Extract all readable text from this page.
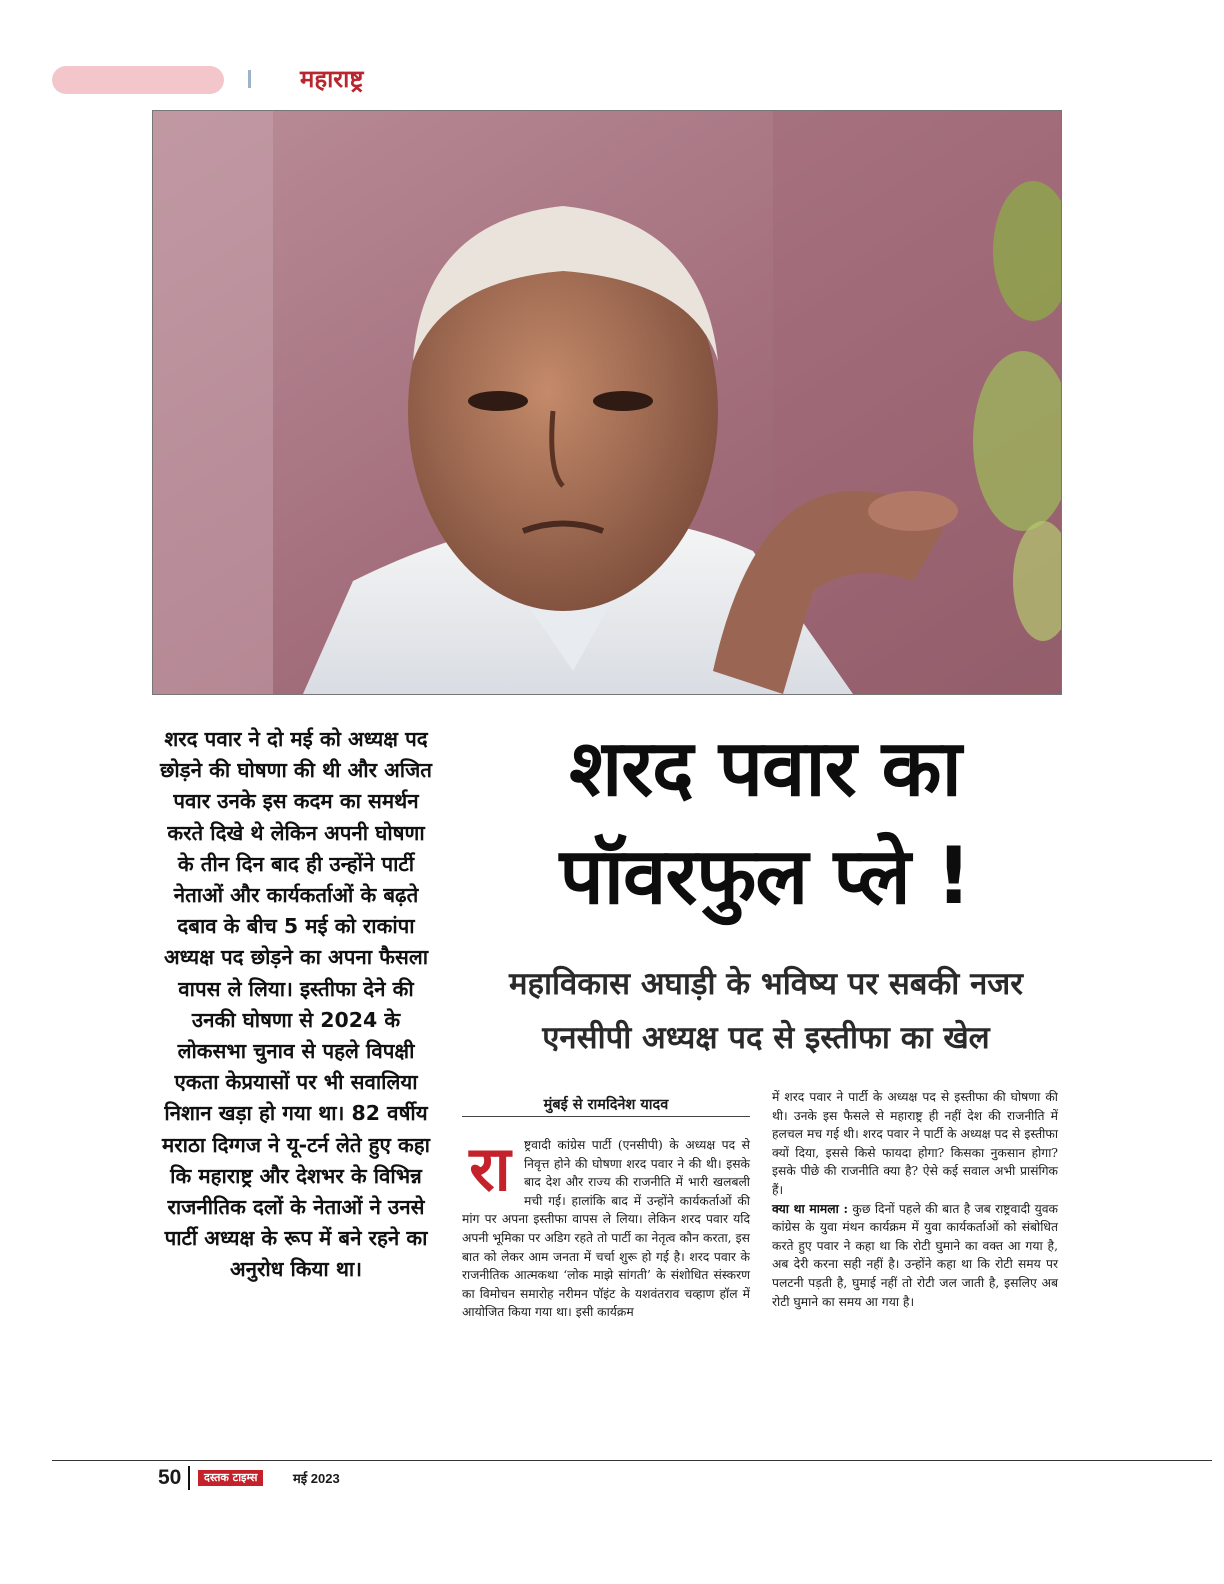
महाराष्ट्र
शरद पवार ने दो मई को अध्यक्ष पद छोड़ने की घोषणा की थी और अजित पवार उनके इस कदम का समर्थन करते दिखे थे लेकिन अपनी घोषणा के तीन दिन बाद ही उन्होंने पार्टी नेताओं और कार्यकर्ताओं के बढ़ते दबाव के बीच 5 मई को राकांपा अध्यक्ष पद छोड़ने का अपना फैसला वापस ले लिया। इस्तीफा देने की उनकी घोषणा से 2024 के लोकसभा चुनाव से पहले विपक्षी एकता केप्रयासों पर भी सवालिया निशान खड़ा हो गया था। 82 वर्षीय मराठा दिग्गज ने यू-टर्न लेते हुए कहा कि महाराष्ट्र और देशभर के विभिन्न राजनीतिक दलों के नेताओं ने उनसे पार्टी अध्यक्ष के रूप में बने रहने का अनुरोध किया था।
शरद पवार का
पॉवरफुल प्ले !
महाविकास अघाड़ी के भविष्य पर सबकी नजर
एनसीपी अध्यक्ष पद से इस्तीफा का खेल
मुंबई से रामदिनेश यादव
रा	ष्ट्रवादी कांग्रेस पार्टी (एनसीपी) के अध्यक्ष पद से निवृत्त होने की घोषणा शरद पवार ने की थी। इसके बाद देश और राज्य की राजनीति में भारी खलबली मची गई। हालांकि बाद में उन्होंने कार्यकर्ताओं की मांग पर अपना इस्तीफा वापस ले लिया। लेकिन शरद पवार यदि अपनी भूमिका पर अडिग रहते तो पार्टी का नेतृत्व कौन करता, इस बात को लेकर आम जनता में चर्चा शुरू हो गई है। शरद पवार के राजनीतिक आत्मकथा ‘लोक माझे सांगती’ के संशोधित संस्करण का विमोचन समारोह नरीमन पॉइंट के यशवंतराव चव्हाण हॉल में आयोजित किया गया था। इसी कार्यक्रम
में शरद पवार ने पार्टी के अध्यक्ष पद से इस्तीफा की घोषणा की थी। उनके इस फैसले से महाराष्ट्र ही नहीं देश की राजनीति में हलचल मच गई थी। शरद पवार ने पार्टी के अध्यक्ष पद से इस्तीफा क्यों दिया, इससे किसे फायदा होगा? किसका नुकसान होगा? इसके पीछे की राजनीति क्या है? ऐसे कई सवाल अभी प्रासंगिक हैं।
क्या था मामला : कुछ दिनों पहले की बात है जब राष्ट्रवादी युवक कांग्रेस के युवा मंथन कार्यक्रम में युवा कार्यकर्ताओं को संबोधित करते हुए पवार ने कहा था कि रोटी घुमाने का वक्त आ गया है, अब देरी करना सही नहीं है। उन्होंने कहा था कि रोटी समय पर पलटनी पड़ती है, घुमाई नहीं तो रोटी जल जाती है, इसलिए अब रोटी घुमाने का समय आ गया है।
50	दस्तक टाइम्स	मई 2023
